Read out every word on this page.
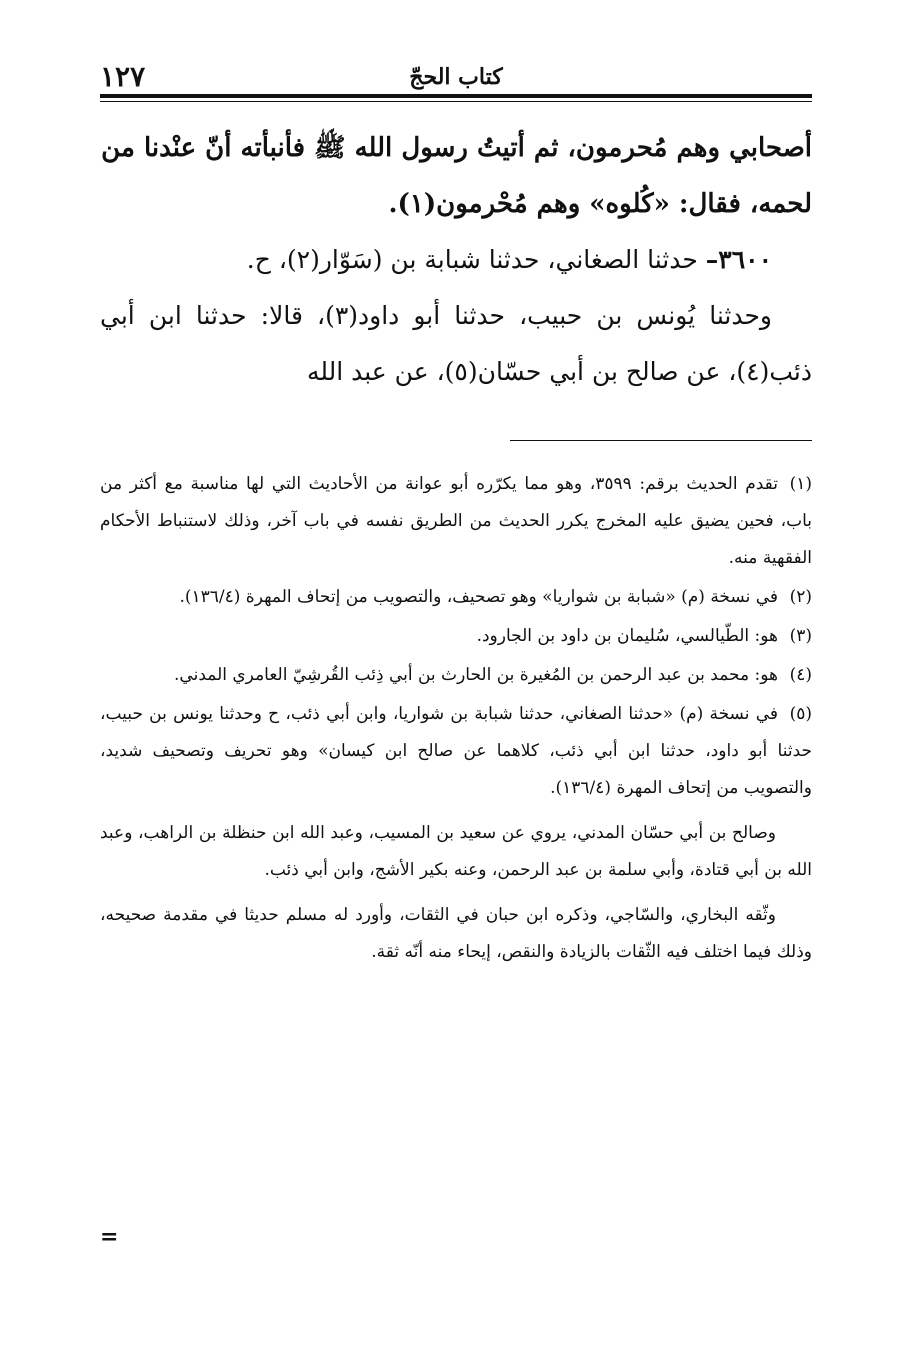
كتاب الحجّ
١٢٧

أصحابي وهم مُحرمون، ثم أتيتُ رسول الله ﷺ فأنبأته أنّ عنْدنا من

لحمه، فقال: «كُلوه» وهم مُحْرمون(١).

٣٦٠٠– حدثنا الصغاني، حدثنا شبابة بن (سَوّار(٢)، ح.

وحدثنا يُونس بن حبيب، حدثنا أبو داود(٣)، قالا: حدثنا ابن أبي ذئب(٤)، عن صالح بن أبي حسّان(٥)، عن عبد الله

(١)تقدم الحديث برقم: ٣٥٩٩، وهو مما يكرّره أبو عوانة من الأحاديث التي لها مناسبة مع أكثر من باب، فحين يضيق عليه المخرج يكرر الحديث من الطريق نفسه في باب آخر، وذلك لاستنباط الأحكام الفقهية منه.

(٢)في نسخة (م) «شبابة بن شواريا» وهو تصحيف، والتصويب من إتحاف المهرة (١٣٦/٤).

(٣)هو: الطّيالسي، سُليمان بن داود بن الجارود.

(٤)هو: محمد بن عبد الرحمن بن المُغيرة بن الحارث بن أبي ذِئب القُرشِيّ العامري المدني.

(٥)في نسخة (م) «حدثنا الصغاني، حدثنا شبابة بن شواريا، وابن أبي ذئب، ح وحدثنا يونس بن حبيب، حدثنا أبو داود، حدثنا ابن أبي ذئب، كلاهما عن صالح ابن كيسان» وهو تحريف وتصحيف شديد، والتصويب من إتحاف المهرة (١٣٦/٤).

وصالح بن أبي حسّان المدني، يروي عن سعيد بن المسيب، وعبد الله ابن حنظلة بن الراهب، وعبد الله بن أبي قتادة، وأبي سلمة بن عبد الرحمن، وعنه بكير الأشج، وابن أبي ذئب.

وثّقه البخاري، والسّاجي، وذكره ابن حبان في الثقات، وأورد له مسلم حديثا في مقدمة صحيحه، وذلك فيما اختلف فيه الثّقات بالزيادة والنقص، إيحاء منه أنّه ثقة.

=
